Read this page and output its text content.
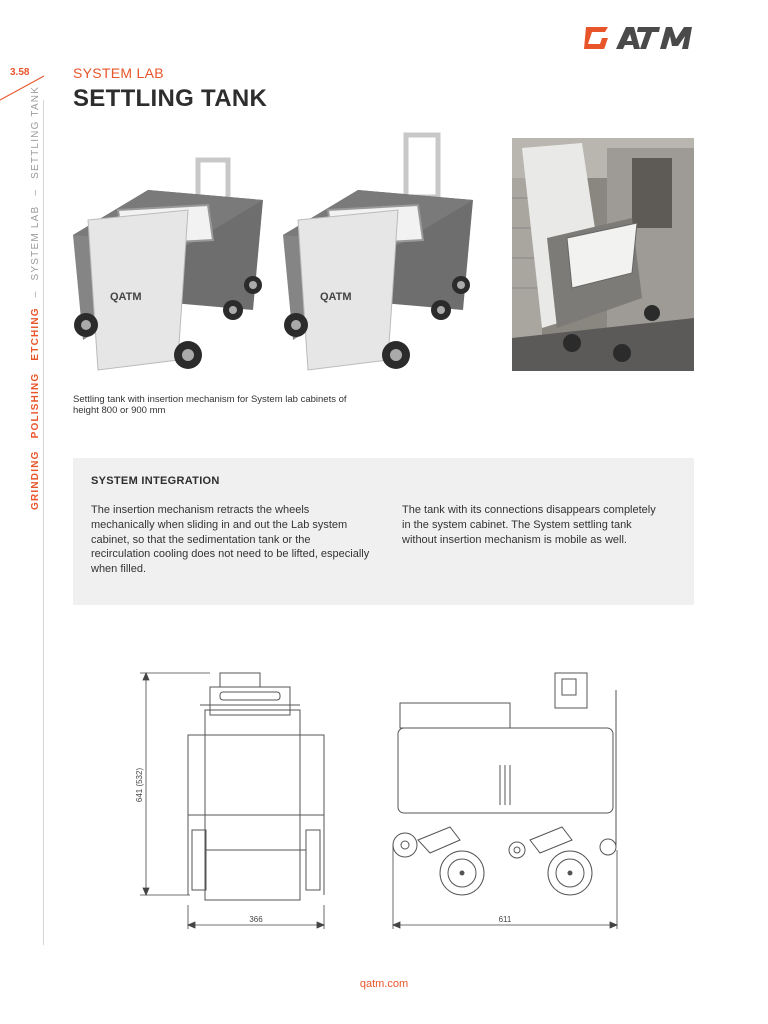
3.58
GRINDING POLISHING ETCHING – SYSTEM LAB – SETTLING TANK
SYSTEM LAB
SETTLING TANK
QATM	QATM
Settling tank with insertion mechanism for System lab cabinets of height 800 or 900 mm
SYSTEM INTEGRATION
The insertion mechanism retracts the wheels mechanically when sliding in and out the Lab system cabinet, so that the sedimentation tank or the recirculation cooling does not need to be lifted, especially when filled.
The tank with its connections disappears completely in the system cabinet. The System settling tank without insertion mechanism is mobile as well.
641 (532)
366	611
qatm.com
